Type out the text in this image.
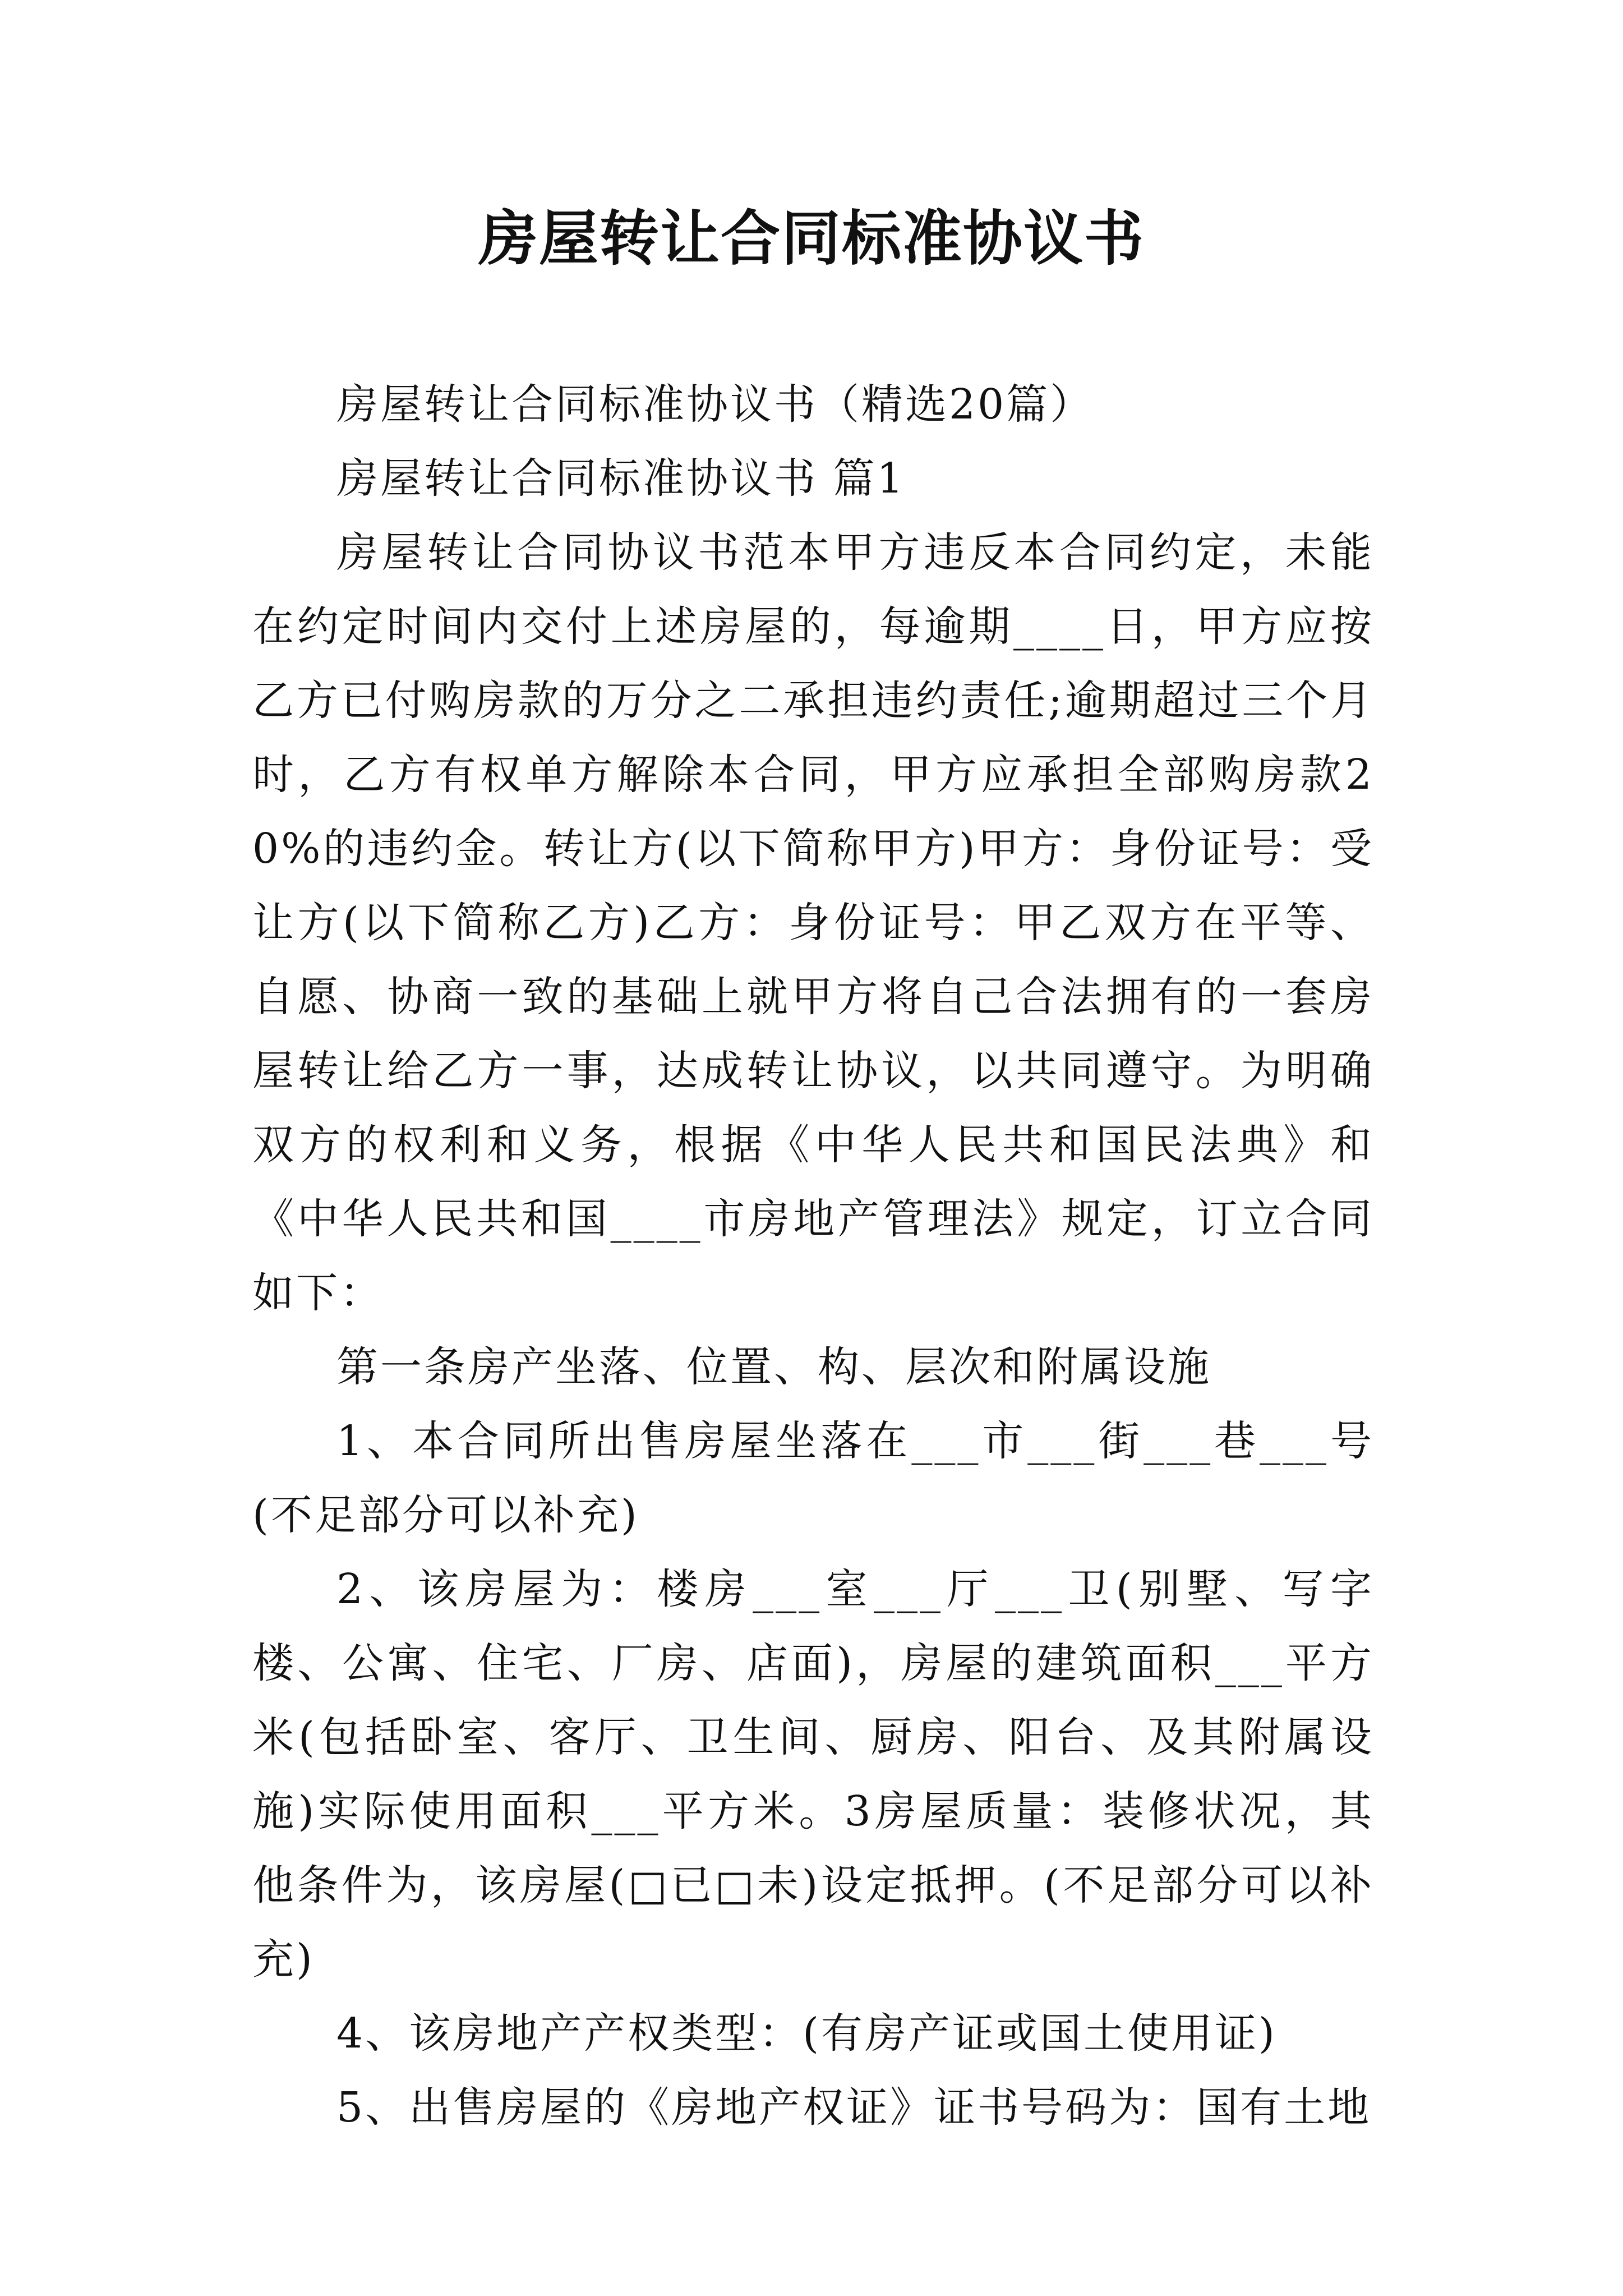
房屋转让合同标准协议书

房屋转让合同标准协议书（精选20篇）

房屋转让合同标准协议书 篇1

房屋转让合同协议书范本甲方违反本合同约定，未能在约定时间内交付上述房屋的，每逾期____日，甲方应按乙方已付购房款的万分之二承担违约责任;逾期超过三个月时，乙方有权单方解除本合同，甲方应承担全部购房款20%的违约金。转让方(以下简称甲方)甲方：身份证号：受让方(以下简称乙方)乙方：身份证号：甲乙双方在平等、自愿、协商一致的基础上就甲方将自己合法拥有的一套房屋转让给乙方一事，达成转让协议，以共同遵守。为明确双方的权利和义务，根据《中华人民共和国民法典》和《中华人民共和国____市房地产管理法》规定，订立合同如下：

第一条房产坐落、位置、构、层次和附属设施

1、本合同所出售房屋坐落在___市___街___巷___号(不足部分可以补充)

2、该房屋为：楼房___室___厅___卫(别墅、写字楼、公寓、住宅、厂房、店面)，房屋的建筑面积___平方米(包括卧室、客厅、卫生间、厨房、阳台、及其附属设施)实际使用面积___平方米。3房屋质量：装修状况，其他条件为，该房屋(□已□未)设定抵押。(不足部分可以补充)

4、该房地产产权类型：(有房产证或国土使用证)

5、出售房屋的《房地产权证》证书号码为：国有土地
